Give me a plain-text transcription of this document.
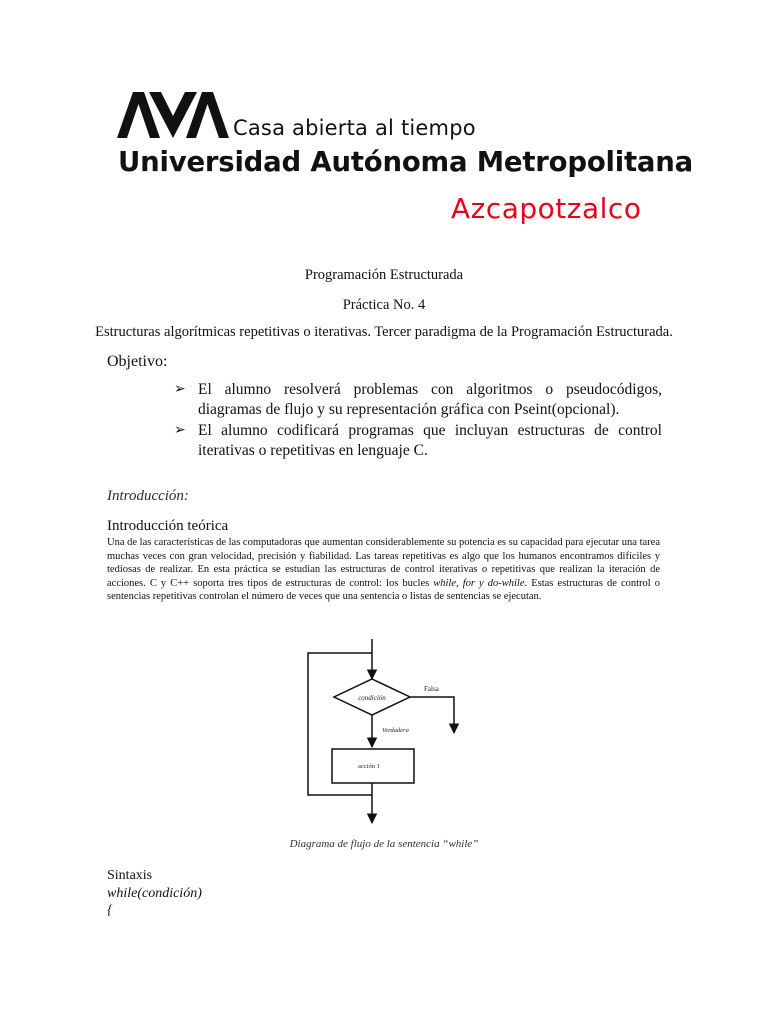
Casa abierta al tiempo
Universidad Autónoma Metropolitana
Azcapotzalco
Programación Estructurada
Práctica No. 4
Estructuras algorítmicas repetitivas o iterativas. Tercer paradigma de la Programación Estructurada.
Objetivo:
➢ El alumno resolverá problemas con algoritmos o pseudocódigos, diagramas de flujo y su representación gráfica con Pseint(opcional).
➢ El alumno codificará programas que incluyan estructuras de control iterativas o repetitivas en lenguaje C.
Introducción:
Introducción teórica
Una de las características de las computadoras que aumentan considerablemente su potencia es su capacidad para ejecutar una tarea muchas veces con gran velocidad, precisión y fiabilidad. Las tareas repetitivas es algo que los humanos encontramos difíciles y tediosas de realizar. En esta práctica se estudian las estructuras de control iterativas o repetitivas que realizan la iteración de acciones. C y C++ soporta tres tipos de estructuras de control: los bucles while, for y do-while. Estas estructuras de control o sentencias repetitivas controlan el número de veces que una sentencia o listas de sentencias se ejecutan.
condición
Falsa
Verdadera
acción 1
Diagrama de flujo de la sentencia “while”
Sintaxis
while(condición)
{
